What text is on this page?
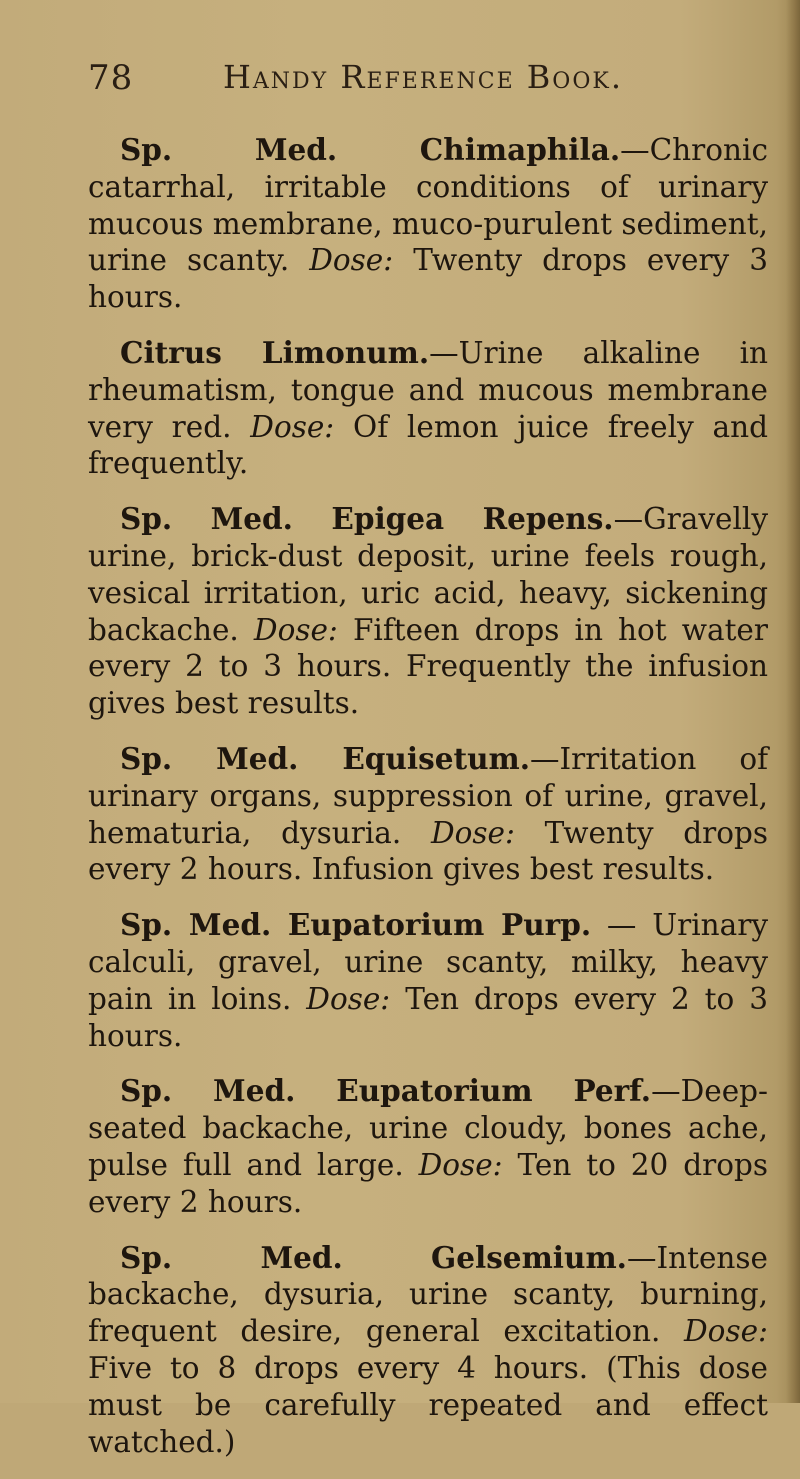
78	Handy Reference Book.

Sp. Med. Chimaphila.—Chronic catarrhal, irritable conditions of urinary mucous membrane, muco-purulent sediment, urine scanty. Dose: Twenty drops every 3 hours.

Citrus Limonum.—Urine alkaline in rheumatism, tongue and mucous membrane very red. Dose: Of lemon juice freely and frequently.

Sp. Med. Epigea Repens.—Gravelly urine, brick-dust deposit, urine feels rough, vesical irritation, uric acid, heavy, sickening backache. Dose: Fifteen drops in hot water every 2 to 3 hours. Frequently the infusion gives best results.

Sp. Med. Equisetum.—Irritation of urinary organs, suppression of urine, gravel, hematuria, dysuria. Dose: Twenty drops every 2 hours. Infusion gives best results.

Sp. Med. Eupatorium Purp. — Urinary calculi, gravel, urine scanty, milky, heavy pain in loins. Dose: Ten drops every 2 to 3 hours.

Sp. Med. Eupatorium Perf.—Deep-seated backache, urine cloudy, bones ache, pulse full and large. Dose: Ten to 20 drops every 2 hours.

Sp. Med. Gelsemium.—Intense backache, dysuria, urine scanty, burning, frequent desire, general excitation. Dose: Five to 8 drops every 4 hours. (This dose must be carefully repeated and effect watched.)
